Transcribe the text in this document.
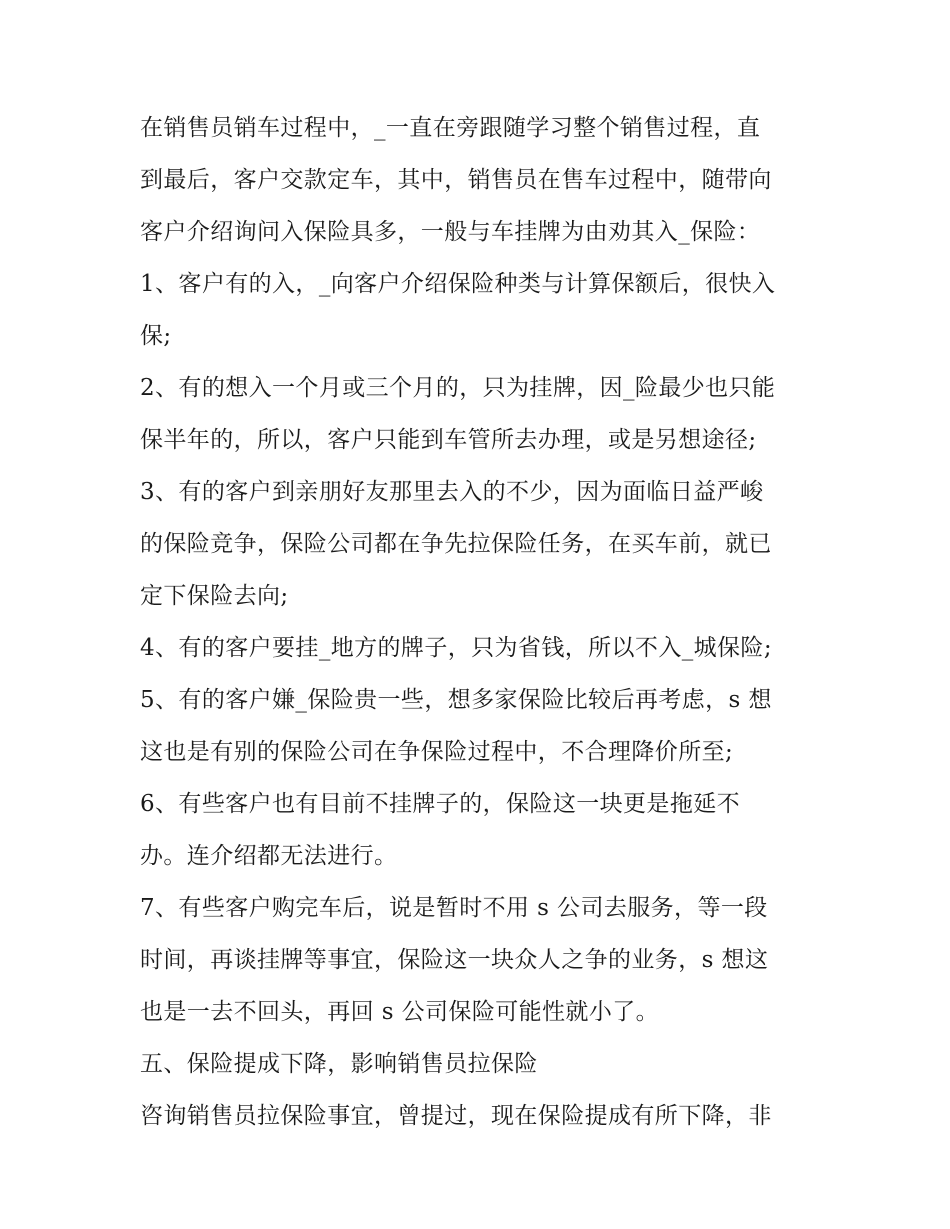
在销售员销车过程中，_一直在旁跟随学习整个销售过程，直
到最后，客户交款定车，其中，销售员在售车过程中，随带向
客户介绍询问入保险具多，一般与车挂牌为由劝其入_保险：
1、客户有的入，_向客户介绍保险种类与计算保额后，很快入
保;
2、有的想入一个月或三个月的，只为挂牌，因_险最少也只能
保半年的，所以，客户只能到车管所去办理，或是另想途径;
3、有的客户到亲朋好友那里去入的不少，因为面临日益严峻
的保险竞争，保险公司都在争先拉保险任务，在买车前，就已
定下保险去向;
4、有的客户要挂_地方的牌子，只为省钱，所以不入_城保险;
5、有的客户嫌_保险贵一些，想多家保险比较后再考虑，s 想
这也是有别的保险公司在争保险过程中，不合理降价所至;
6、有些客户也有目前不挂牌子的，保险这一块更是拖延不
办。连介绍都无法进行。
7、有些客户购完车后，说是暂时不用 s 公司去服务，等一段
时间，再谈挂牌等事宜，保险这一块众人之争的业务，s 想这
也是一去不回头，再回 s 公司保险可能性就小了。
五、保险提成下降，影响销售员拉保险
咨询销售员拉保险事宜，曾提过，现在保险提成有所下降，非
